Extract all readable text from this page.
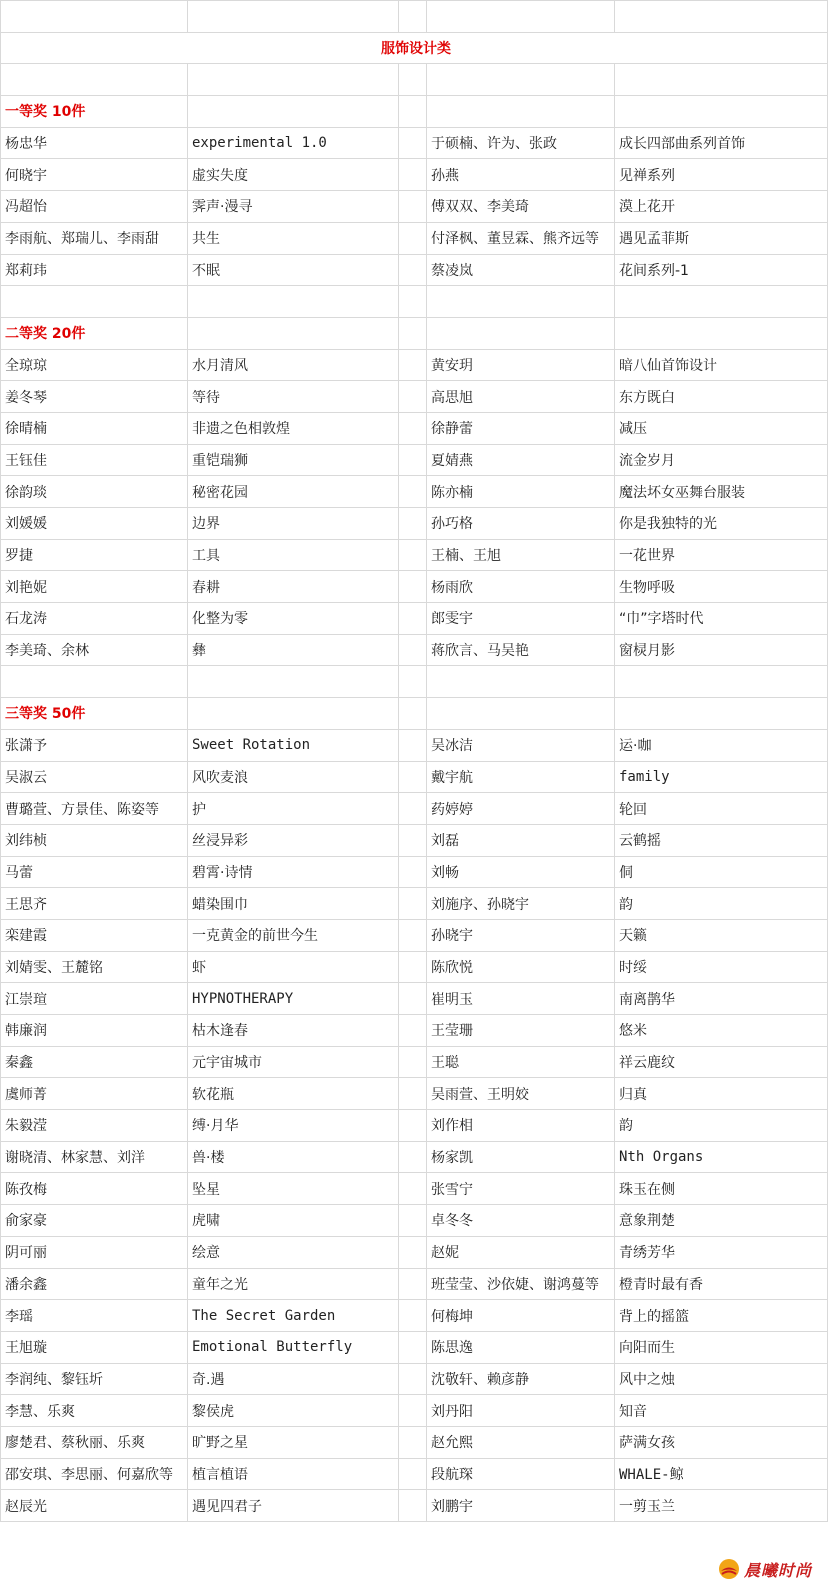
服饰设计类				

一等奖 10件				
杨忠华	experimental 1.0		于硕楠、许为、张政	成长四部曲系列首饰
何晓宇	虚实失度		孙燕	见禅系列
冯超怡	霁声·漫寻		傅双双、李美琦	漠上花开
李雨航、郑瑞儿、李雨甜	共生		付泽枫、董昱霖、熊齐远等	遇见孟菲斯
郑莉玮	不眠		蔡凌岚	花间系列-1

二等奖 20件				
全琼琼	水月清风		黄安玥	暗八仙首饰设计
姜冬琴	等待		高思旭	东方既白
徐晴楠	非遗之色相敦煌		徐静蕾	减压
王钰佳	重铠瑞狮		夏婧燕	流金岁月
徐韵琰	秘密花园		陈亦楠	魔法坏女巫舞台服装
刘媛媛	边界		孙巧格	你是我独特的光
罗捷	工具		王楠、王旭	一花世界
刘艳妮	春耕		杨雨欣	生物呼吸
石龙涛	化整为零		郎雯宇	“巾”字塔时代
李美琦、余林	彝		蒋欣言、马吴艳	窗棂月影

三等奖 50件				
张潇予	Sweet Rotation		吴冰洁	运·咖
吴淑云	风吹麦浪		戴宇航	family
曹璐萱、方景佳、陈姿等	护		药婷婷	轮回
刘纬桢	丝浸异彩		刘磊	云鹤摇
马蕾	碧霄·诗情		刘畅	侗
王思齐	蜡染围巾		刘施序、孙晓宇	韵
栾建霞	一克黄金的前世今生		孙晓宇	天籁
刘婧雯、王麓铭	虾		陈欣悦	时绥
江崇瑄	HYPNOTHERAPY		崔明玉	南离鹊华
韩廉润	枯木逢春		王莹珊	悠米
秦鑫	元宇宙城市		王聪	祥云鹿纹
虞师菁	软花瓶		吴雨萱、王明姣	归真
朱毅滢	缚·月华		刘作相	韵
谢晓清、林家慧、刘洋	兽·楼		杨家凯	Nth Organs
陈孜梅	坠星		张雪宁	珠玉在侧
俞家豪	虎啸		卓冬冬	意象荆楚
阴可丽	绘意		赵妮	青绣芳华
潘余鑫	童年之光		班莹莹、沙依婕、谢鸿蔓等	橙青时最有香
李瑶	The Secret Garden		何梅坤	背上的摇篮
王旭璇	Emotional Butterfly		陈思逸	向阳而生
李润纯、黎钰圻	奇.遇		沈敬轩、赖彦静	风中之烛
李慧、乐爽	黎侯虎		刘丹阳	知音
廖楚君、蔡秋丽、乐爽	旷野之星		赵允熙	萨满女孩
邵安琪、李思丽、何嘉欣等	植言植语		段航琛	WHALE-鲸
赵辰光	遇见四君子		刘鹏宇	一剪玉兰
晨曦时尚
